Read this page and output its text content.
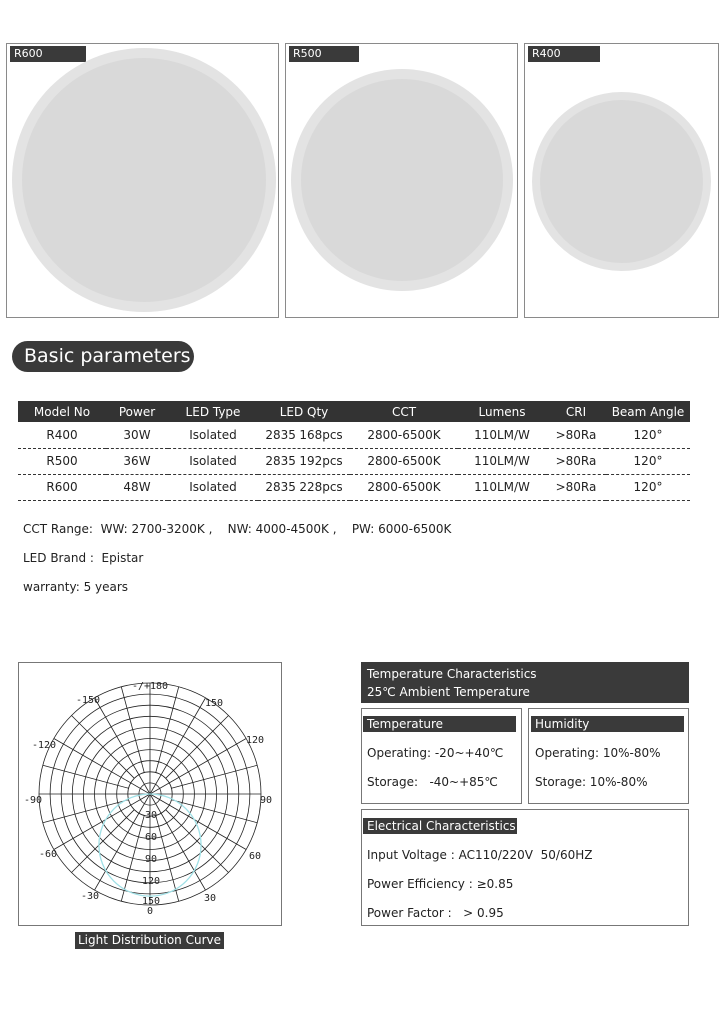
R600	R500	R400
Basic parameters
Model No	Power	LED Type	LED Qty	CCT	Lumens	CRI	Beam Angle
R400	30W	Isolated	2835 168pcs	2800-6500K	110LM/W	>80Ra	120°
R500	36W	Isolated	2835 192pcs	2800-6500K	110LM/W	>80Ra	120°
R600	48W	Isolated	2835 228pcs	2800-6500K	110LM/W	>80Ra	120°
CCT Range:  WW: 2700-3200K ,    NW: 4000-4500K ,    PW: 6000-6500K
LED Brand :  Epistar
warranty: 5 years
-/+180
-150	150
-120	120
-90	90
-60	60
-30	30
0
30
60
90
120
150
Light Distribution Curve
Temperature Characteristics
25℃ Ambient Temperature
Temperature
Operating: -20~+40℃
Storage:   -40~+85℃
Humidity
Operating: 10%-80%
Storage: 10%-80%
Electrical Characteristics
Input Voltage : AC110/220V  50/60HZ
Power Efficiency : ≥0.85
Power Factor :   > 0.95
